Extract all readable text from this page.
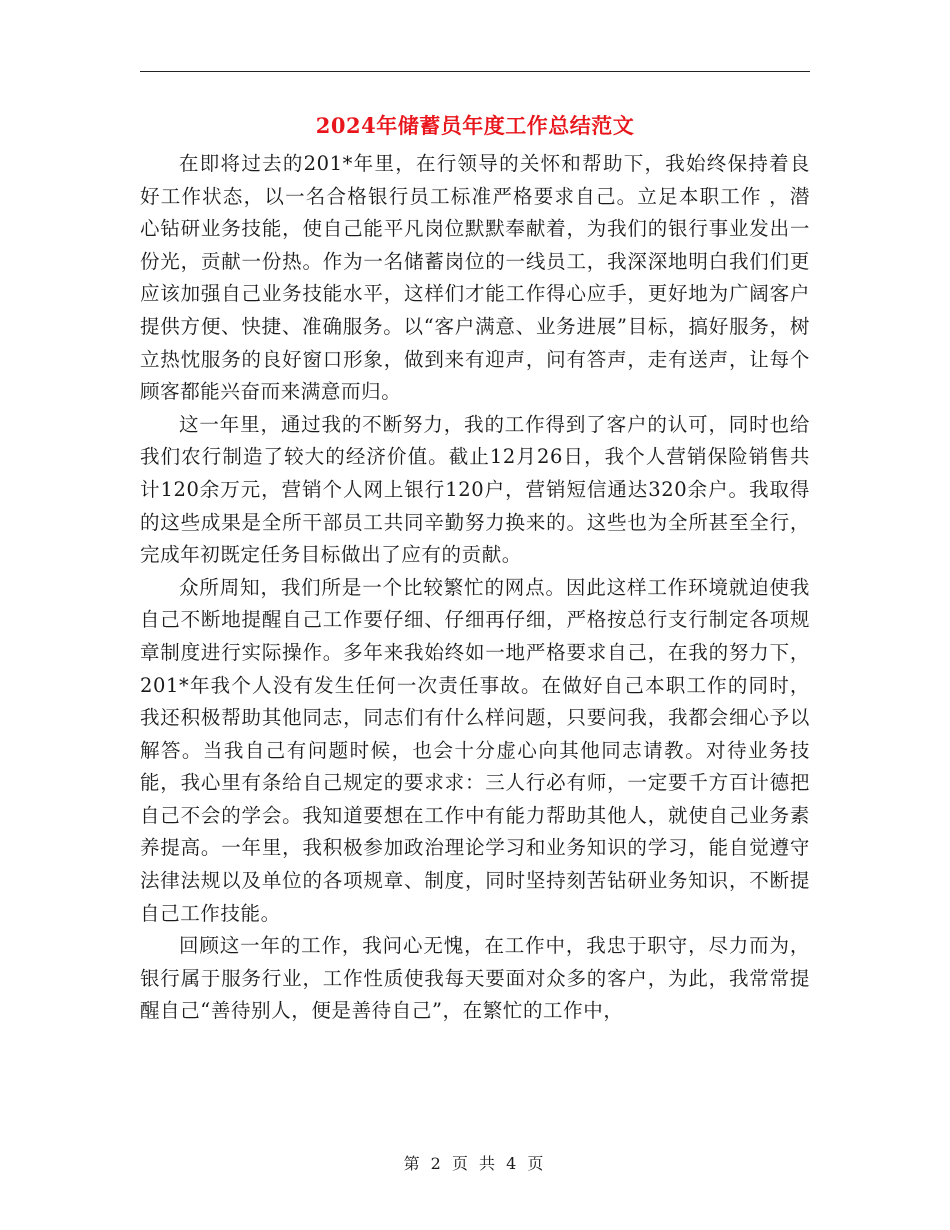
2024年储蓄员年度工作总结范文

在即将过去的201*年里，在行领导的关怀和帮助下，我始终保持着良好工作状态，以一名合格银行员工标准严格要求自己。立足本职工作 ，潜心钻研业务技能，使自己能平凡岗位默默奉献着，为我们的银行事业发出一份光，贡献一份热。作为一名储蓄岗位的一线员工，我深深地明白我们们更应该加强自己业务技能水平，这样们才能工作得心应手，更好地为广阔客户提供方便、快捷、准确服务。以“客户满意、业务进展”目标，搞好服务，树立热忱服务的良好窗口形象，做到来有迎声，问有答声，走有送声，让每个顾客都能兴奋而来满意而归。

这一年里，通过我的不断努力，我的工作得到了客户的认可，同时也给我们农行制造了较大的经济价值。截止12月26日，我个人营销保险销售共计120余万元，营销个人网上银行120户，营销短信通达320余户。我取得的这些成果是全所干部员工共同辛勤努力换来的。这些也为全所甚至全行，完成年初既定任务目标做出了应有的贡献。

众所周知，我们所是一个比较繁忙的网点。因此这样工作环境就迫使我自己不断地提醒自己工作要仔细、仔细再仔细，严格按总行支行制定各项规章制度进行实际操作。多年来我始终如一地严格要求自己，在我的努力下，201*年我个人没有发生任何一次责任事故。在做好自己本职工作的同时，我还积极帮助其他同志，同志们有什么样问题，只要问我，我都会细心予以解答。当我自己有问题时候，也会十分虚心向其他同志请教。对待业务技能，我心里有条给自己规定的要求求：三人行必有师，一定要千方百计德把自己不会的学会。我知道要想在工作中有能力帮助其他人，就使自己业务素养提高。一年里，我积极参加政治理论学习和业务知识的学习，能自觉遵守法律法规以及单位的各项规章、制度，同时坚持刻苦钻研业务知识，不断提自己工作技能。

回顾这一年的工作，我问心无愧，在工作中，我忠于职守，尽力而为，银行属于服务行业，工作性质使我每天要面对众多的客户，为此，我常常提醒自己“善待别人，便是善待自己”，在繁忙的工作中，

第 2 页 共 4 页
